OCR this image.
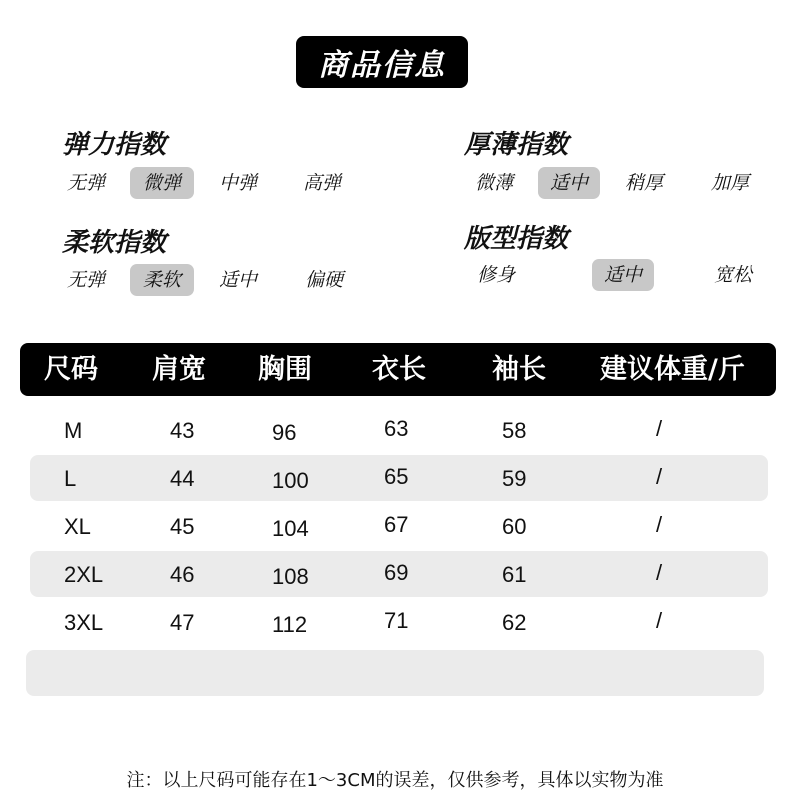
商品信息
弹力指数
无弹	微弹	中弹	高弹
厚薄指数
微薄	适中	稍厚	加厚
柔软指数
无弹	柔软	适中	偏硬
版型指数
修身	适中	宽松
尺码 肩宽 胸围 衣长 袖长 建议体重/斤
M	43	96	63	58	/
L	44	100	65	59	/
XL	45	104	67	60	/
2XL	46	108	69	61	/
3XL	47	112	71	62	/
注：以上尺码可能存在1～3CM的误差，仅供参考，具体以实物为准
